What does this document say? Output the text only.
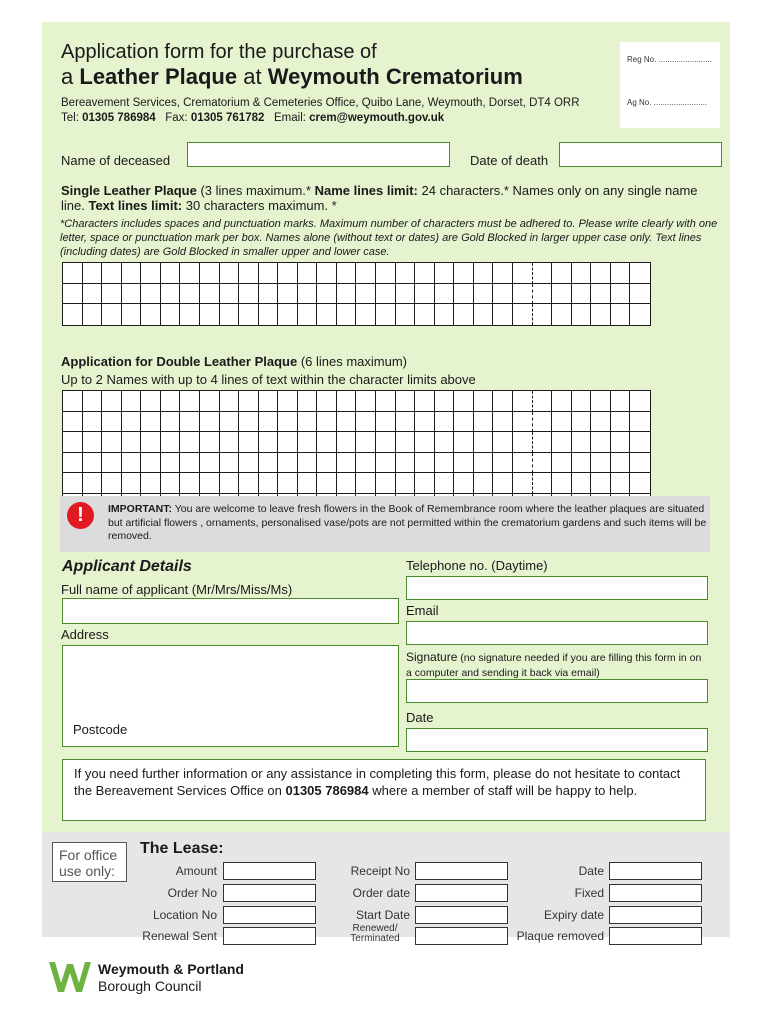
Application form for the purchase of
a Leather Plaque at Weymouth Crematorium
Bereavement Services, Crematorium & Cemeteries Office, Quibo Lane, Weymouth, Dorset, DT4 ORR
Tel: 01305 786984 Fax: 01305 761782 Email: crem@weymouth.gov.uk
Reg No. ........................
Ag No. ........................
Name of deceased	Date of death
Single Leather Plaque (3 lines maximum.* Name lines limit: 24 characters.* Names only on any single name line. Text lines limit: 30 characters maximum. *
*Characters includes spaces and punctuation marks. Maximum number of characters must be adhered to. Please write clearly with one letter, space or punctuation mark per box. Names alone (without text or dates) are Gold Blocked in larger upper case only. Text lines (including dates) are Gold Blocked in smaller upper and lower case.
Application for Double Leather Plaque (6 lines maximum)
Up to 2 Names with up to 4 lines of text within the character limits above
!	IMPORTANT: You are welcome to leave fresh flowers in the Book of Remembrance room where the leather plaques are situated but artificial flowers , ornaments, personalised vase/pots are not permitted within the crematorium gardens and such items will be removed.
Applicant Details
Full name of applicant (Mr/Mrs/Miss/Ms)
Address
Postcode
Telephone no. (Daytime)
Email
Signature (no signature needed if you are filling this form in on a computer and sending it back via email)
Date
If you need further information or any assistance in completing this form, please do not hesitate to contact the Bereavement Services Office on 01305 786984 where a member of staff will be happy to help.
For office use only:
The Lease:
Amount
Order No
Location No
Renewal Sent
Receipt No
Order date
Start Date
Renewed/ Terminated
Date
Fixed
Expiry date
Plaque removed
Weymouth & Portland
Borough Council
